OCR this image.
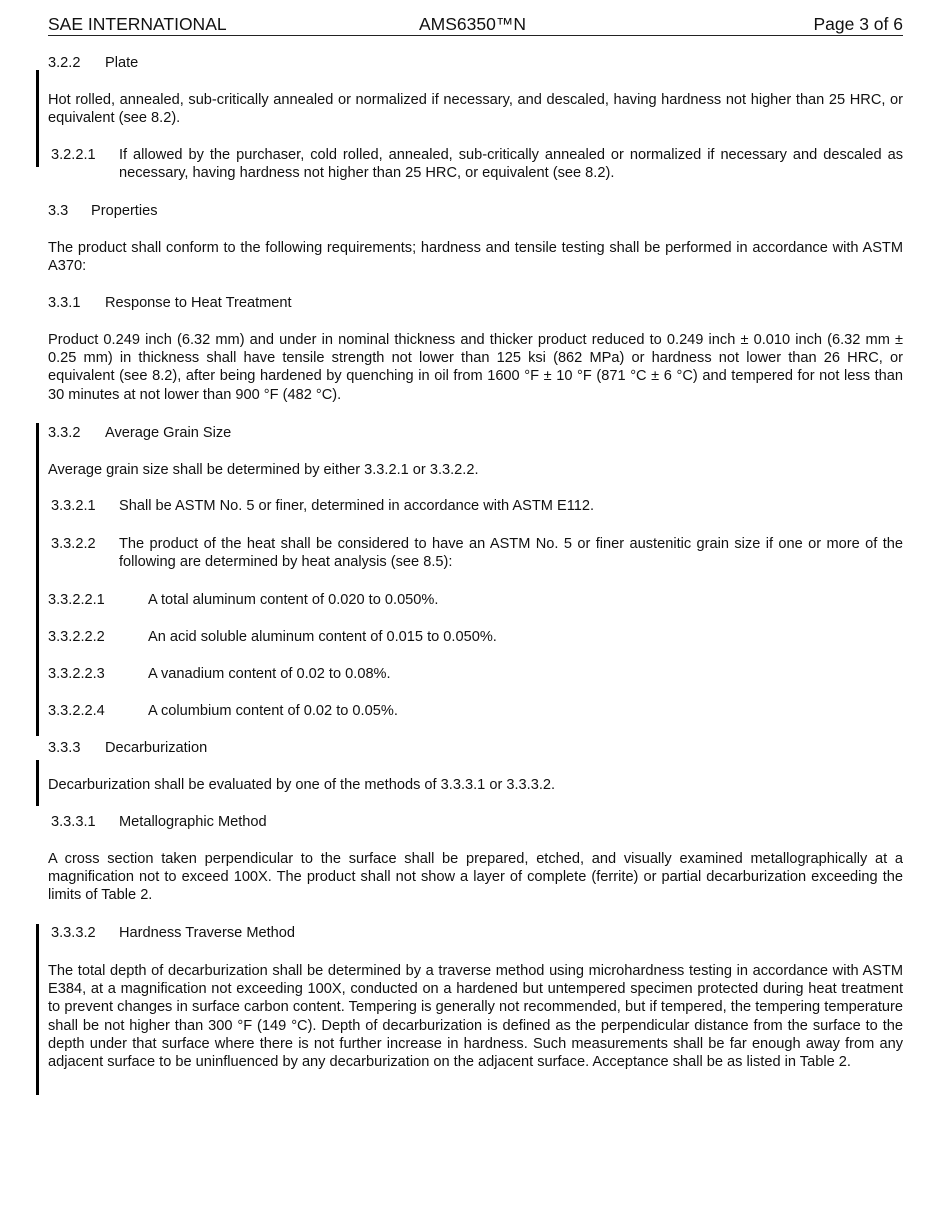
SAE INTERNATIONAL	AMS6350™N	Page 3 of 6
3.2.2	Plate
Hot rolled, annealed, sub-critically annealed or normalized if necessary, and descaled, having hardness not higher than 25 HRC, or equivalent (see 8.2).
3.2.2.1	If allowed by the purchaser, cold rolled, annealed, sub-critically annealed or normalized if necessary and descaled as necessary, having hardness not higher than 25 HRC, or equivalent (see 8.2).
3.3	Properties
The product shall conform to the following requirements; hardness and tensile testing shall be performed in accordance with ASTM A370:
3.3.1	Response to Heat Treatment
Product 0.249 inch (6.32 mm) and under in nominal thickness and thicker product reduced to 0.249 inch ± 0.010 inch (6.32 mm ± 0.25 mm) in thickness shall have tensile strength not lower than 125 ksi (862 MPa) or hardness not lower than 26 HRC, or equivalent (see 8.2), after being hardened by quenching in oil from 1600 °F ± 10 °F (871 °C ± 6 °C) and tempered for not less than 30 minutes at not lower than 900 °F (482 °C).
3.3.2	Average Grain Size
Average grain size shall be determined by either 3.3.2.1 or 3.3.2.2.
3.3.2.1	Shall be ASTM No. 5 or finer, determined in accordance with ASTM E112.
3.3.2.2	The product of the heat shall be considered to have an ASTM No. 5 or finer austenitic grain size if one or more of the following are determined by heat analysis (see 8.5):
3.3.2.2.1	A total aluminum content of 0.020 to 0.050%.
3.3.2.2.2	An acid soluble aluminum content of 0.015 to 0.050%.
3.3.2.2.3	A vanadium content of 0.02 to 0.08%.
3.3.2.2.4	A columbium content of 0.02 to 0.05%.
3.3.3	Decarburization
Decarburization shall be evaluated by one of the methods of 3.3.3.1 or 3.3.3.2.
3.3.3.1	Metallographic Method
A cross section taken perpendicular to the surface shall be prepared, etched, and visually examined metallographically at a magnification not to exceed 100X. The product shall not show a layer of complete (ferrite) or partial decarburization exceeding the limits of Table 2.
3.3.3.2	Hardness Traverse Method
The total depth of decarburization shall be determined by a traverse method using microhardness testing in accordance with ASTM E384, at a magnification not exceeding 100X, conducted on a hardened but untempered specimen protected during heat treatment to prevent changes in surface carbon content. Tempering is generally not recommended, but if tempered, the tempering temperature shall be not higher than 300 °F (149 °C). Depth of decarburization is defined as the perpendicular distance from the surface to the depth under that surface where there is not further increase in hardness. Such measurements shall be far enough away from any adjacent surface to be uninfluenced by any decarburization on the adjacent surface. Acceptance shall be as listed in Table 2.
